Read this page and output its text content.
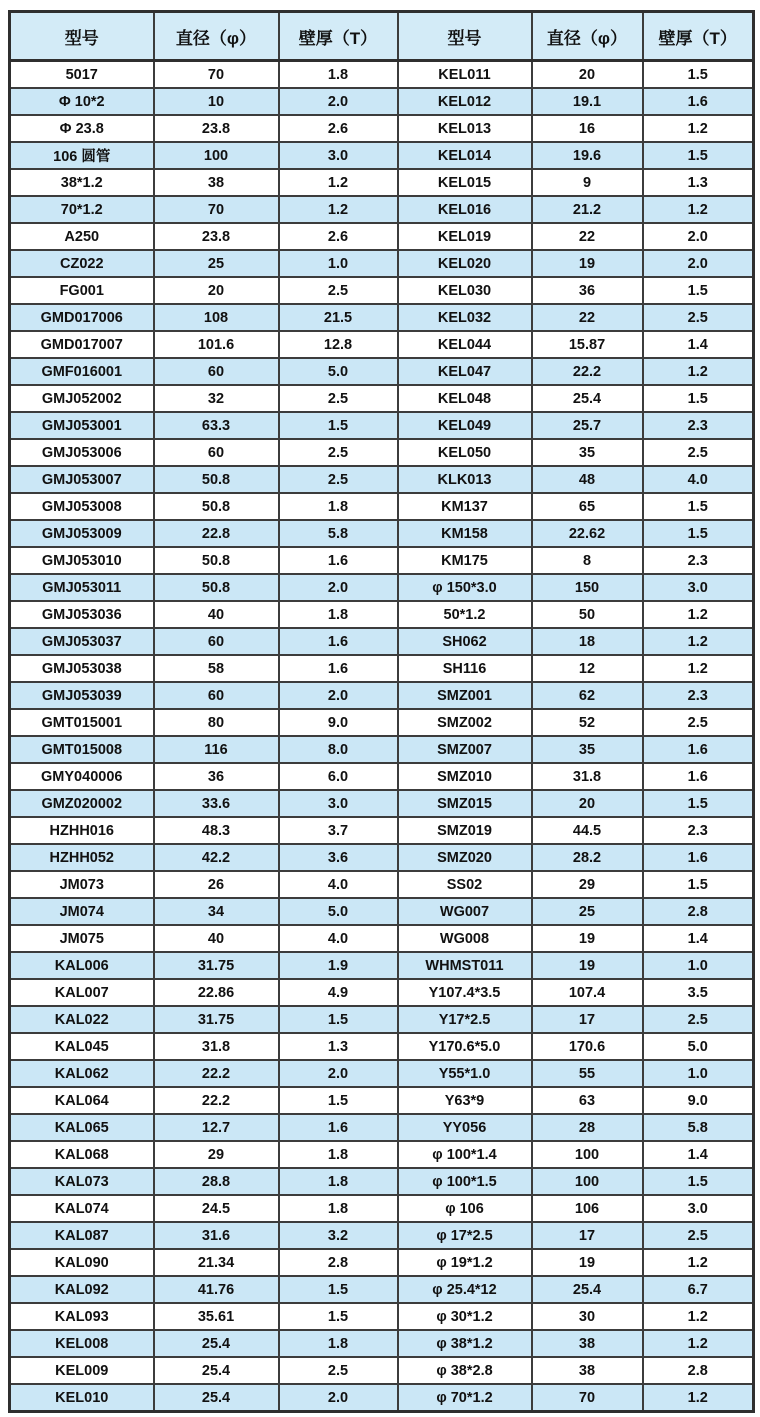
型号	直径（φ）	壁厚（T）	型号	直径（φ）	壁厚（T）
5017	70	1.8	KEL011	20	1.5
Φ 10*2	10	2.0	KEL012	19.1	1.6
Φ 23.8	23.8	2.6	KEL013	16	1.2
106 圆管	100	3.0	KEL014	19.6	1.5
38*1.2	38	1.2	KEL015	9	1.3
70*1.2	70	1.2	KEL016	21.2	1.2
A250	23.8	2.6	KEL019	22	2.0
CZ022	25	1.0	KEL020	19	2.0
FG001	20	2.5	KEL030	36	1.5
GMD017006	108	21.5	KEL032	22	2.5
GMD017007	101.6	12.8	KEL044	15.87	1.4
GMF016001	60	5.0	KEL047	22.2	1.2
GMJ052002	32	2.5	KEL048	25.4	1.5
GMJ053001	63.3	1.5	KEL049	25.7	2.3
GMJ053006	60	2.5	KEL050	35	2.5
GMJ053007	50.8	2.5	KLK013	48	4.0
GMJ053008	50.8	1.8	KM137	65	1.5
GMJ053009	22.8	5.8	KM158	22.62	1.5
GMJ053010	50.8	1.6	KM175	8	2.3
GMJ053011	50.8	2.0	φ 150*3.0	150	3.0
GMJ053036	40	1.8	50*1.2	50	1.2
GMJ053037	60	1.6	SH062	18	1.2
GMJ053038	58	1.6	SH116	12	1.2
GMJ053039	60	2.0	SMZ001	62	2.3
GMT015001	80	9.0	SMZ002	52	2.5
GMT015008	116	8.0	SMZ007	35	1.6
GMY040006	36	6.0	SMZ010	31.8	1.6
GMZ020002	33.6	3.0	SMZ015	20	1.5
HZHH016	48.3	3.7	SMZ019	44.5	2.3
HZHH052	42.2	3.6	SMZ020	28.2	1.6
JM073	26	4.0	SS02	29	1.5
JM074	34	5.0	WG007	25	2.8
JM075	40	4.0	WG008	19	1.4
KAL006	31.75	1.9	WHMST011	19	1.0
KAL007	22.86	4.9	Y107.4*3.5	107.4	3.5
KAL022	31.75	1.5	Y17*2.5	17	2.5
KAL045	31.8	1.3	Y170.6*5.0	170.6	5.0
KAL062	22.2	2.0	Y55*1.0	55	1.0
KAL064	22.2	1.5	Y63*9	63	9.0
KAL065	12.7	1.6	YY056	28	5.8
KAL068	29	1.8	φ 100*1.4	100	1.4
KAL073	28.8	1.8	φ 100*1.5	100	1.5
KAL074	24.5	1.8	φ 106	106	3.0
KAL087	31.6	3.2	φ 17*2.5	17	2.5
KAL090	21.34	2.8	φ 19*1.2	19	1.2
KAL092	41.76	1.5	φ 25.4*12	25.4	6.7
KAL093	35.61	1.5	φ 30*1.2	30	1.2
KEL008	25.4	1.8	φ 38*1.2	38	1.2
KEL009	25.4	2.5	φ 38*2.8	38	2.8
KEL010	25.4	2.0	φ 70*1.2	70	1.2
